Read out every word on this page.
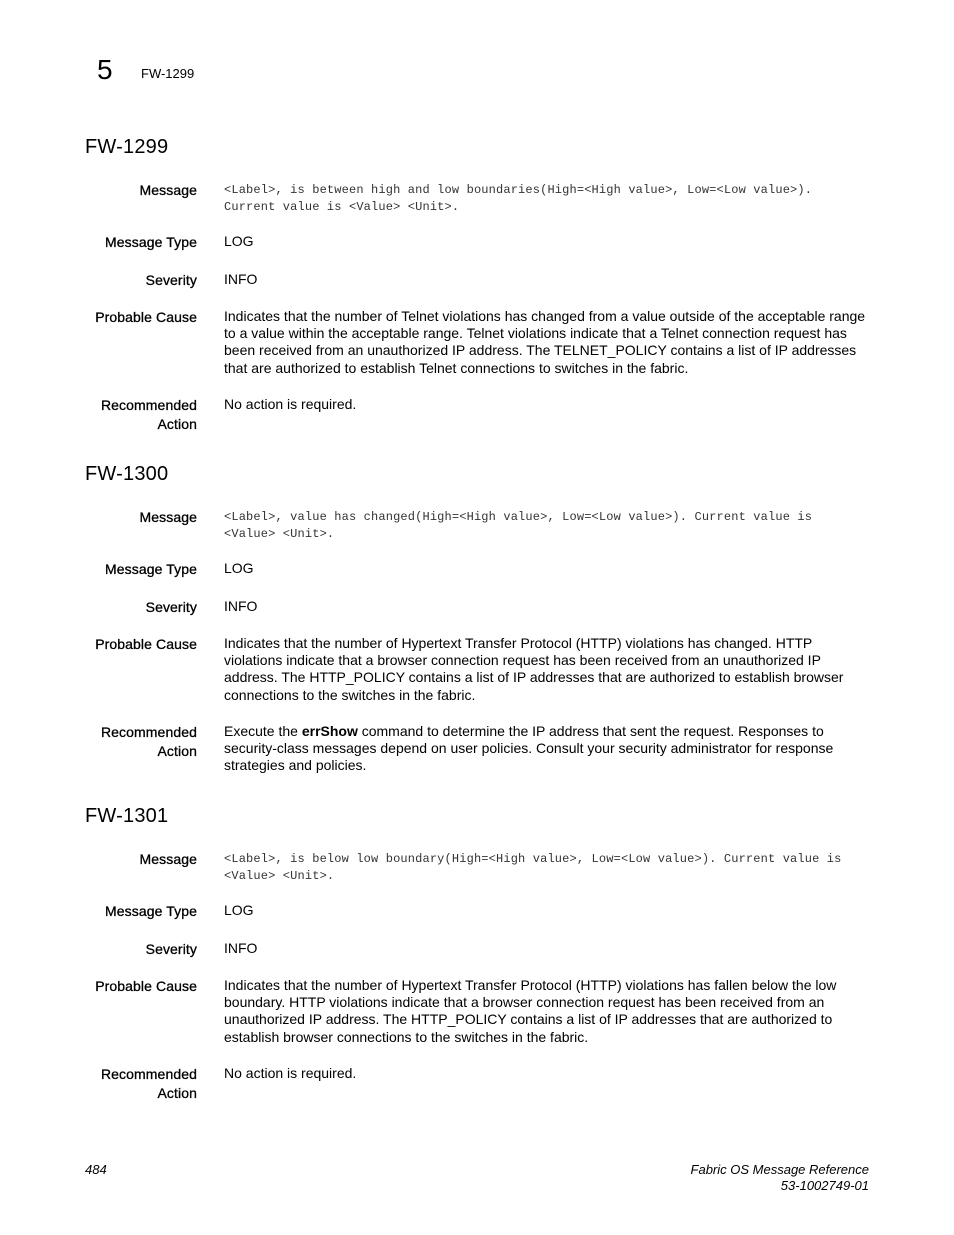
5 FW-1299
FW-1299
Message <Label>, is between high and low boundaries(High=<High value>, Low=<Low value>). Current value is <Value> <Unit>.
Message Type LOG
Severity INFO
Probable Cause Indicates that the number of Telnet violations has changed from a value outside of the acceptable range to a value within the acceptable range. Telnet violations indicate that a Telnet connection request has been received from an unauthorized IP address. The TELNET_POLICY contains a list of IP addresses that are authorized to establish Telnet connections to switches in the fabric.
Recommended
Action
No action is required.
FW-1300
Message <Label>, value has changed(High=<High value>, Low=<Low value>). Current value is <Value> <Unit>.
Message Type LOG
Severity INFO
Probable Cause Indicates that the number of Hypertext Transfer Protocol (HTTP) violations has changed. HTTP violations indicate that a browser connection request has been received from an unauthorized IP address. The HTTP_POLICY contains a list of IP addresses that are authorized to establish browser connections to the switches in the fabric.
Recommended
Action
Execute the errShow command to determine the IP address that sent the request. Responses to security-class messages depend on user policies. Consult your security administrator for response strategies and policies.
FW-1301
Message <Label>, is below low boundary(High=<High value>, Low=<Low value>). Current value is <Value> <Unit>.
Message Type LOG
Severity INFO
Probable Cause Indicates that the number of Hypertext Transfer Protocol (HTTP) violations has fallen below the low boundary. HTTP violations indicate that a browser connection request has been received from an unauthorized IP address. The HTTP_POLICY contains a list of IP addresses that are authorized to establish browser connections to the switches in the fabric.
Recommended
Action
No action is required.
484	Fabric OS Message Reference
53-1002749-01
